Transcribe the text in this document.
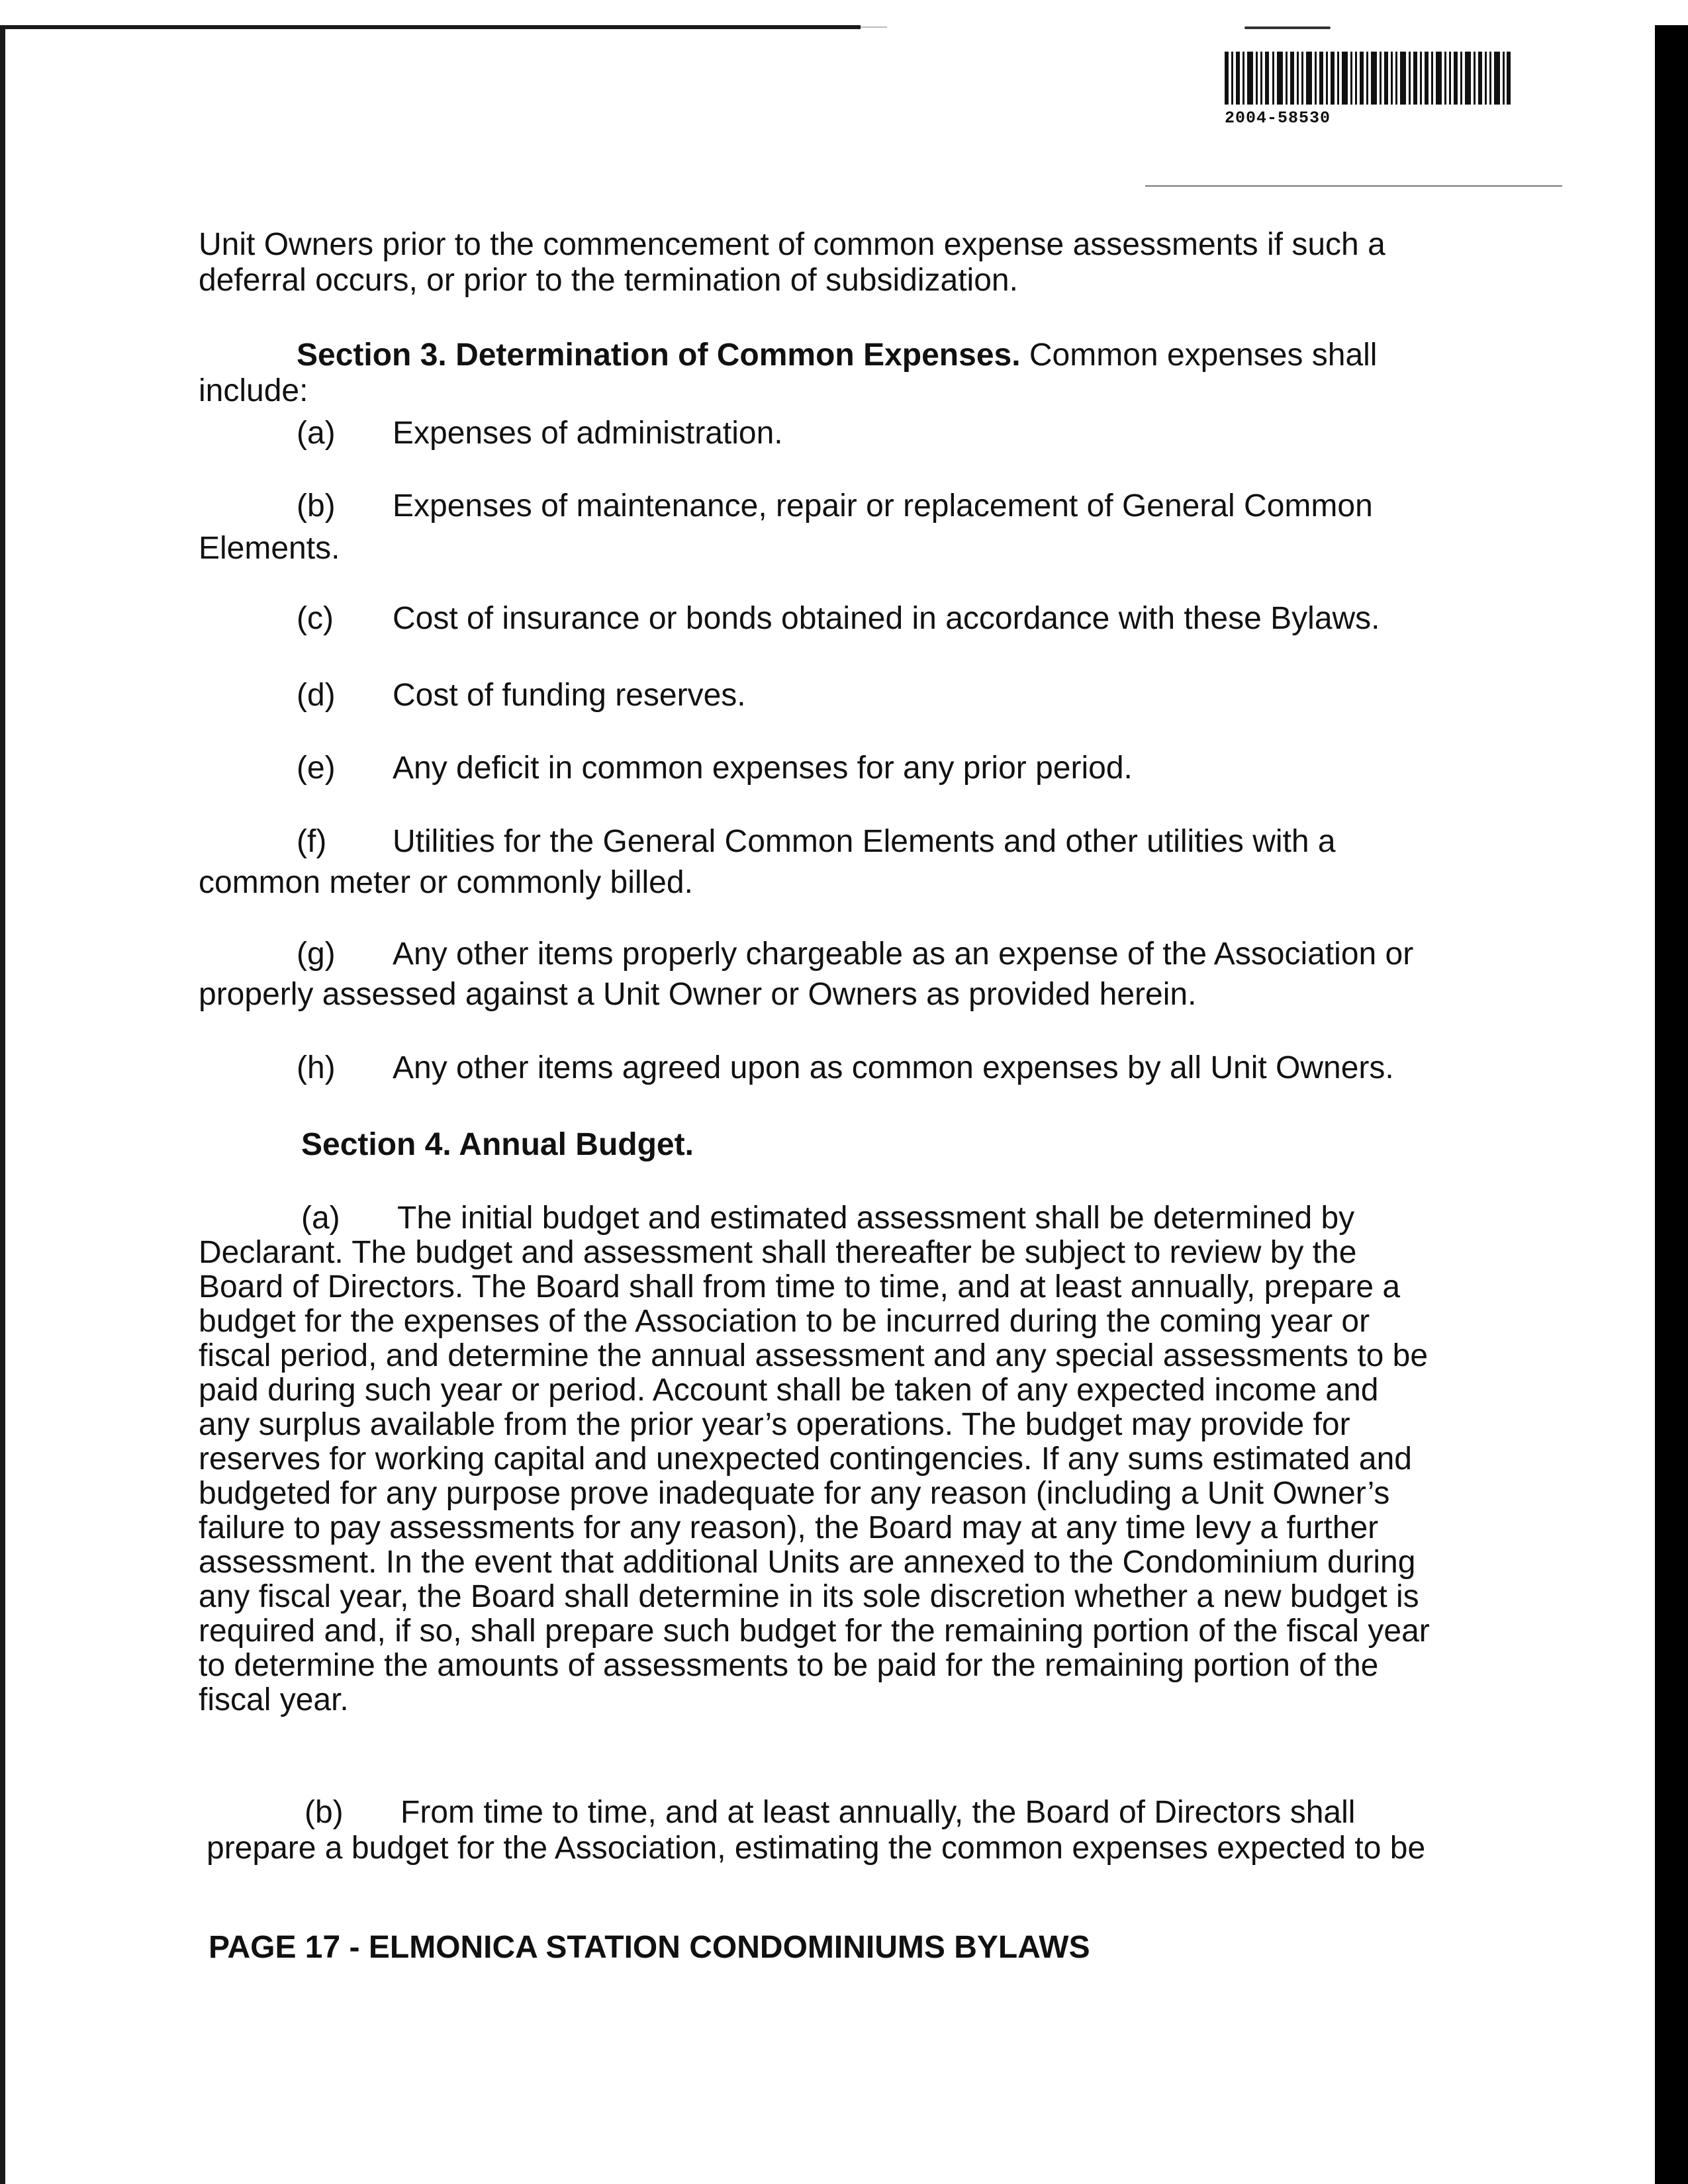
2004-58530

Unit Owners prior to the commencement of common expense assessments if such a

deferral occurs, or prior to the termination of subsidization.

Section 3. Determination of Common Expenses. Common expenses shall

include:

(a) Expenses of administration.

(b) Expenses of maintenance, repair or replacement of General Common

Elements.

(c) Cost of insurance or bonds obtained in accordance with these Bylaws.

(d) Cost of funding reserves.

(e) Any deficit in common expenses for any prior period.

(f) Utilities for the General Common Elements and other utilities with a

common meter or commonly billed.

(g) Any other items properly chargeable as an expense of the Association or

properly assessed against a Unit Owner or Owners as provided herein.

(h) Any other items agreed upon as common expenses by all Unit Owners.

Section 4. Annual Budget.

(a) The initial budget and estimated assessment shall be determined by

Declarant. The budget and assessment shall thereafter be subject to review by the

Board of Directors. The Board shall from time to time, and at least annually, prepare a

budget for the expenses of the Association to be incurred during the coming year or

fiscal period, and determine the annual assessment and any special assessments to be

paid during such year or period. Account shall be taken of any expected income and

any surplus available from the prior year’s operations. The budget may provide for

reserves for working capital and unexpected contingencies. If any sums estimated and

budgeted for any purpose prove inadequate for any reason (including a Unit Owner’s

failure to pay assessments for any reason), the Board may at any time levy a further

assessment. In the event that additional Units are annexed to the Condominium during

any fiscal year, the Board shall determine in its sole discretion whether a new budget is

required and, if so, shall prepare such budget for the remaining portion of the fiscal year

to determine the amounts of assessments to be paid for the remaining portion of the

fiscal year.

(b) From time to time, and at least annually, the Board of Directors shall

prepare a budget for the Association, estimating the common expenses expected to be

PAGE 17 - ELMONICA STATION CONDOMINIUMS BYLAWS
